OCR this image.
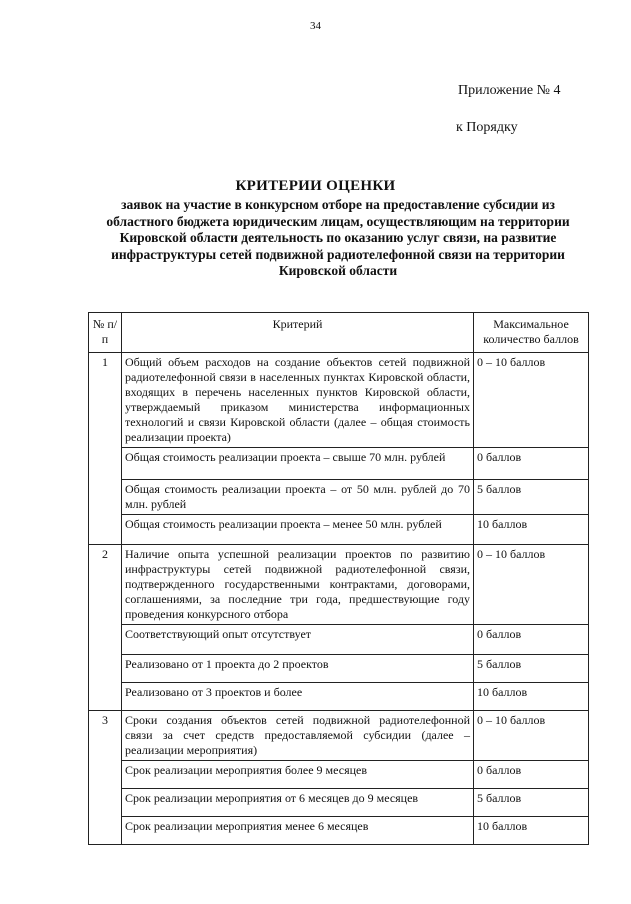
34
Приложение № 4
к Порядку
КРИТЕРИИ ОЦЕНКИ
заявок на участие в конкурсном отборе на предоставление субсидии из областного бюджета юридическим лицам, осуществляющим на территории Кировской области деятельность по оказанию услуг связи, на развитие инфраструктуры сетей подвижной радиотелефонной связи на территории Кировской области
№ п/п	Критерий	Максимальное количество баллов
1	Общий объем расходов на создание объектов сетей подвижной радиотелефонной связи в населенных пунктах Кировской области, входящих в перечень населенных пунктов Кировской области, утверждаемый приказом министерства информационных технологий и связи Кировской области (далее – общая стоимость реализации проекта)	0 – 10 баллов
	Общая стоимость реализации проекта – свыше 70 млн. рублей	0 баллов
	Общая стоимость реализации проекта – от 50 млн. рублей до 70 млн. рублей	5 баллов
	Общая стоимость реализации проекта – менее 50 млн. рублей	10 баллов
2	Наличие опыта успешной реализации проектов по развитию инфраструктуры сетей подвижной радиотелефонной связи, подтвержденного государственными контрактами, договорами, соглашениями, за последние три года, предшествующие году проведения конкурсного отбора	0 – 10 баллов
	Соответствующий опыт отсутствует	0 баллов
	Реализовано от 1 проекта до 2 проектов	5 баллов
	Реализовано от 3 проектов и более	10 баллов
3	Сроки создания объектов сетей подвижной радиотелефонной связи за счет средств предоставляемой субсидии (далее – реализации мероприятия)	0 – 10 баллов
	Срок реализации мероприятия более 9 месяцев	0 баллов
	Срок реализации мероприятия от 6 месяцев до 9 месяцев	5 баллов
	Срок реализации мероприятия менее 6 месяцев	10 баллов
